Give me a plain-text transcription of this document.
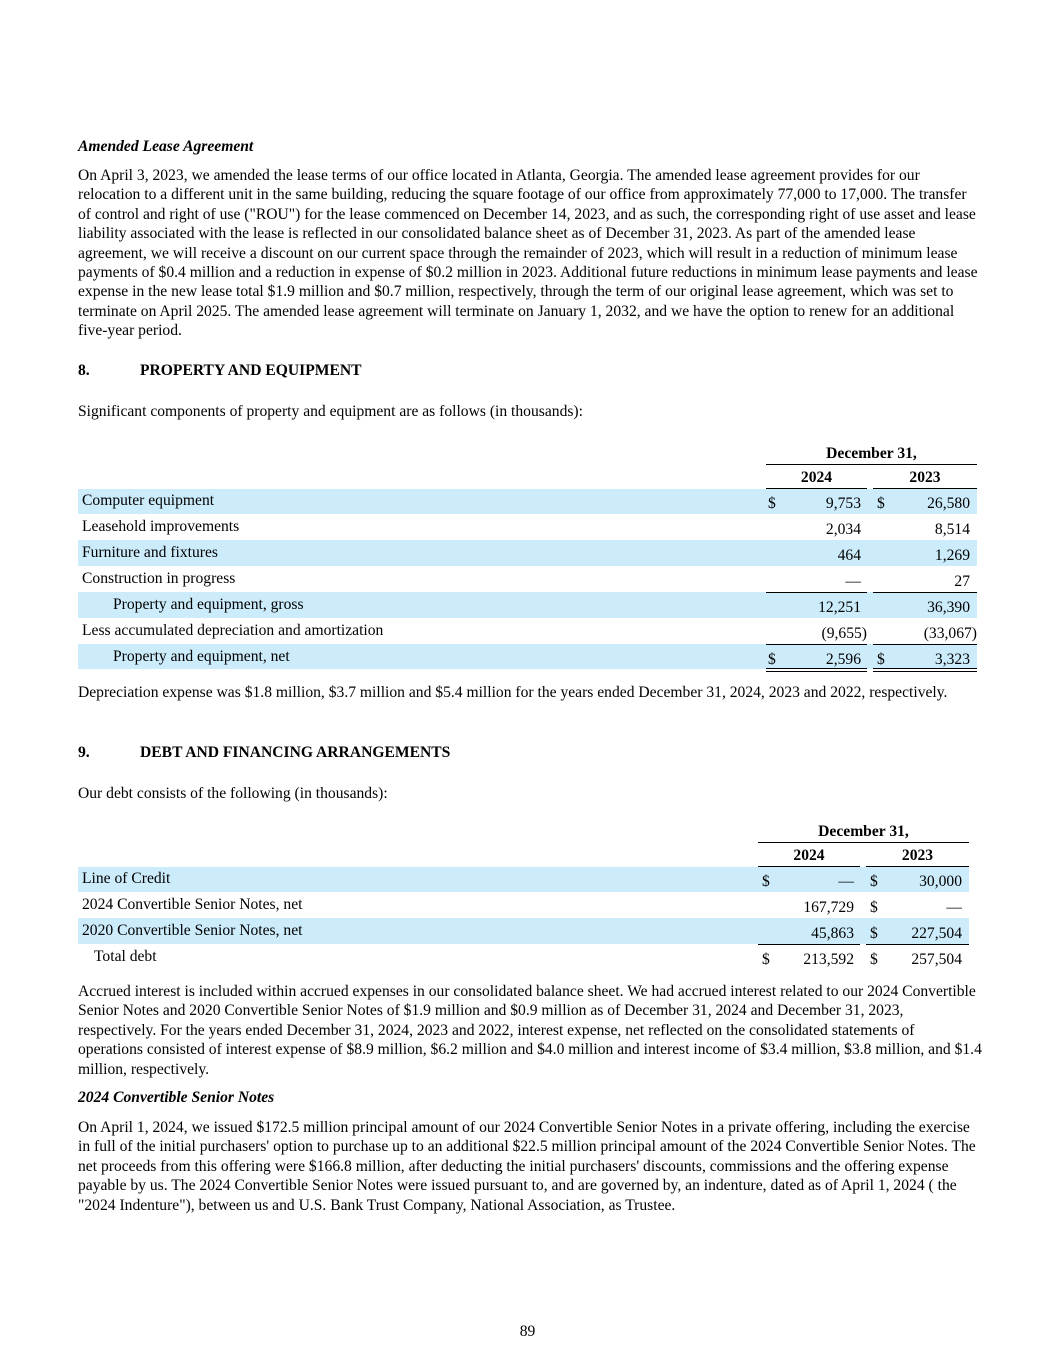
Amended Lease Agreement

On April 3, 2023, we amended the lease terms of our office located in Atlanta, Georgia. The amended lease agreement provides for our relocation to a different unit in the same building, reducing the square footage of our office from approximately 77,000 to 17,000. The transfer of control and right of use ("ROU") for the lease commenced on December 14, 2023, and as such, the corresponding right of use asset and lease liability associated with the lease is reflected in our consolidated balance sheet as of December 31, 2023. As part of the amended lease agreement, we will receive a discount on our current space through the remainder of 2023, which will result in a reduction of minimum lease payments of $0.4 million and a reduction in expense of $0.2 million in 2023. Additional future reductions in minimum lease payments and lease expense in the new lease total $1.9 million and $0.7 million, respectively, through the term of our original lease agreement, which was set to terminate on April 2025. The amended lease agreement will terminate on January 1, 2032, and we have the option to renew for an additional five-year period.

8.	PROPERTY AND EQUIPMENT
Significant components of property and equipment are as follows (in thousands):
December 31,
2024	2023
Computer equipment	$	9,753 $	26,580
Leasehold improvements	2,034	8,514
Furniture and fixtures	464	1,269
Construction in progress	—	27
Property and equipment, gross	12,251	36,390
Less accumulated depreciation and amortization	(9,655)	(33,067)
Property and equipment, net	$	2,596 $	3,323

Depreciation expense was $1.8 million, $3.7 million and $5.4 million for the years ended December 31, 2024, 2023 and 2022, respectively.

9.	DEBT AND FINANCING ARRANGEMENTS
Our debt consists of the following (in thousands):
December 31,
2024	2023
Line of Credit	$	— $	30,000
2024 Convertible Senior Notes, net	167,729 $	—
2020 Convertible Senior Notes, net	45,863 $	227,504
Total debt	$	213,592 $	257,504

Accrued interest is included within accrued expenses in our consolidated balance sheet. We had accrued interest related to our 2024 Convertible Senior Notes and 2020 Convertible Senior Notes of $1.9 million and $0.9 million as of December 31, 2024 and December 31, 2023, respectively. For the years ended December 31, 2024, 2023 and 2022, interest expense, net reflected on the consolidated statements of operations consisted of interest expense of $8.9 million, $6.2 million and $4.0 million and interest income of $3.4 million, $3.8 million, and $1.4 million, respectively.

2024 Convertible Senior Notes

On April 1, 2024, we issued $172.5 million principal amount of our 2024 Convertible Senior Notes in a private offering, including the exercise in full of the initial purchasers' option to purchase up to an additional $22.5 million principal amount of the 2024 Convertible Senior Notes. The net proceeds from this offering were $166.8 million, after deducting the initial purchasers' discounts, commissions and the offering expense payable by us. The 2024 Convertible Senior Notes were issued pursuant to, and are governed by, an indenture, dated as of April 1, 2024 ( the "2024 Indenture"), between us and U.S. Bank Trust Company, National Association, as Trustee.

89
